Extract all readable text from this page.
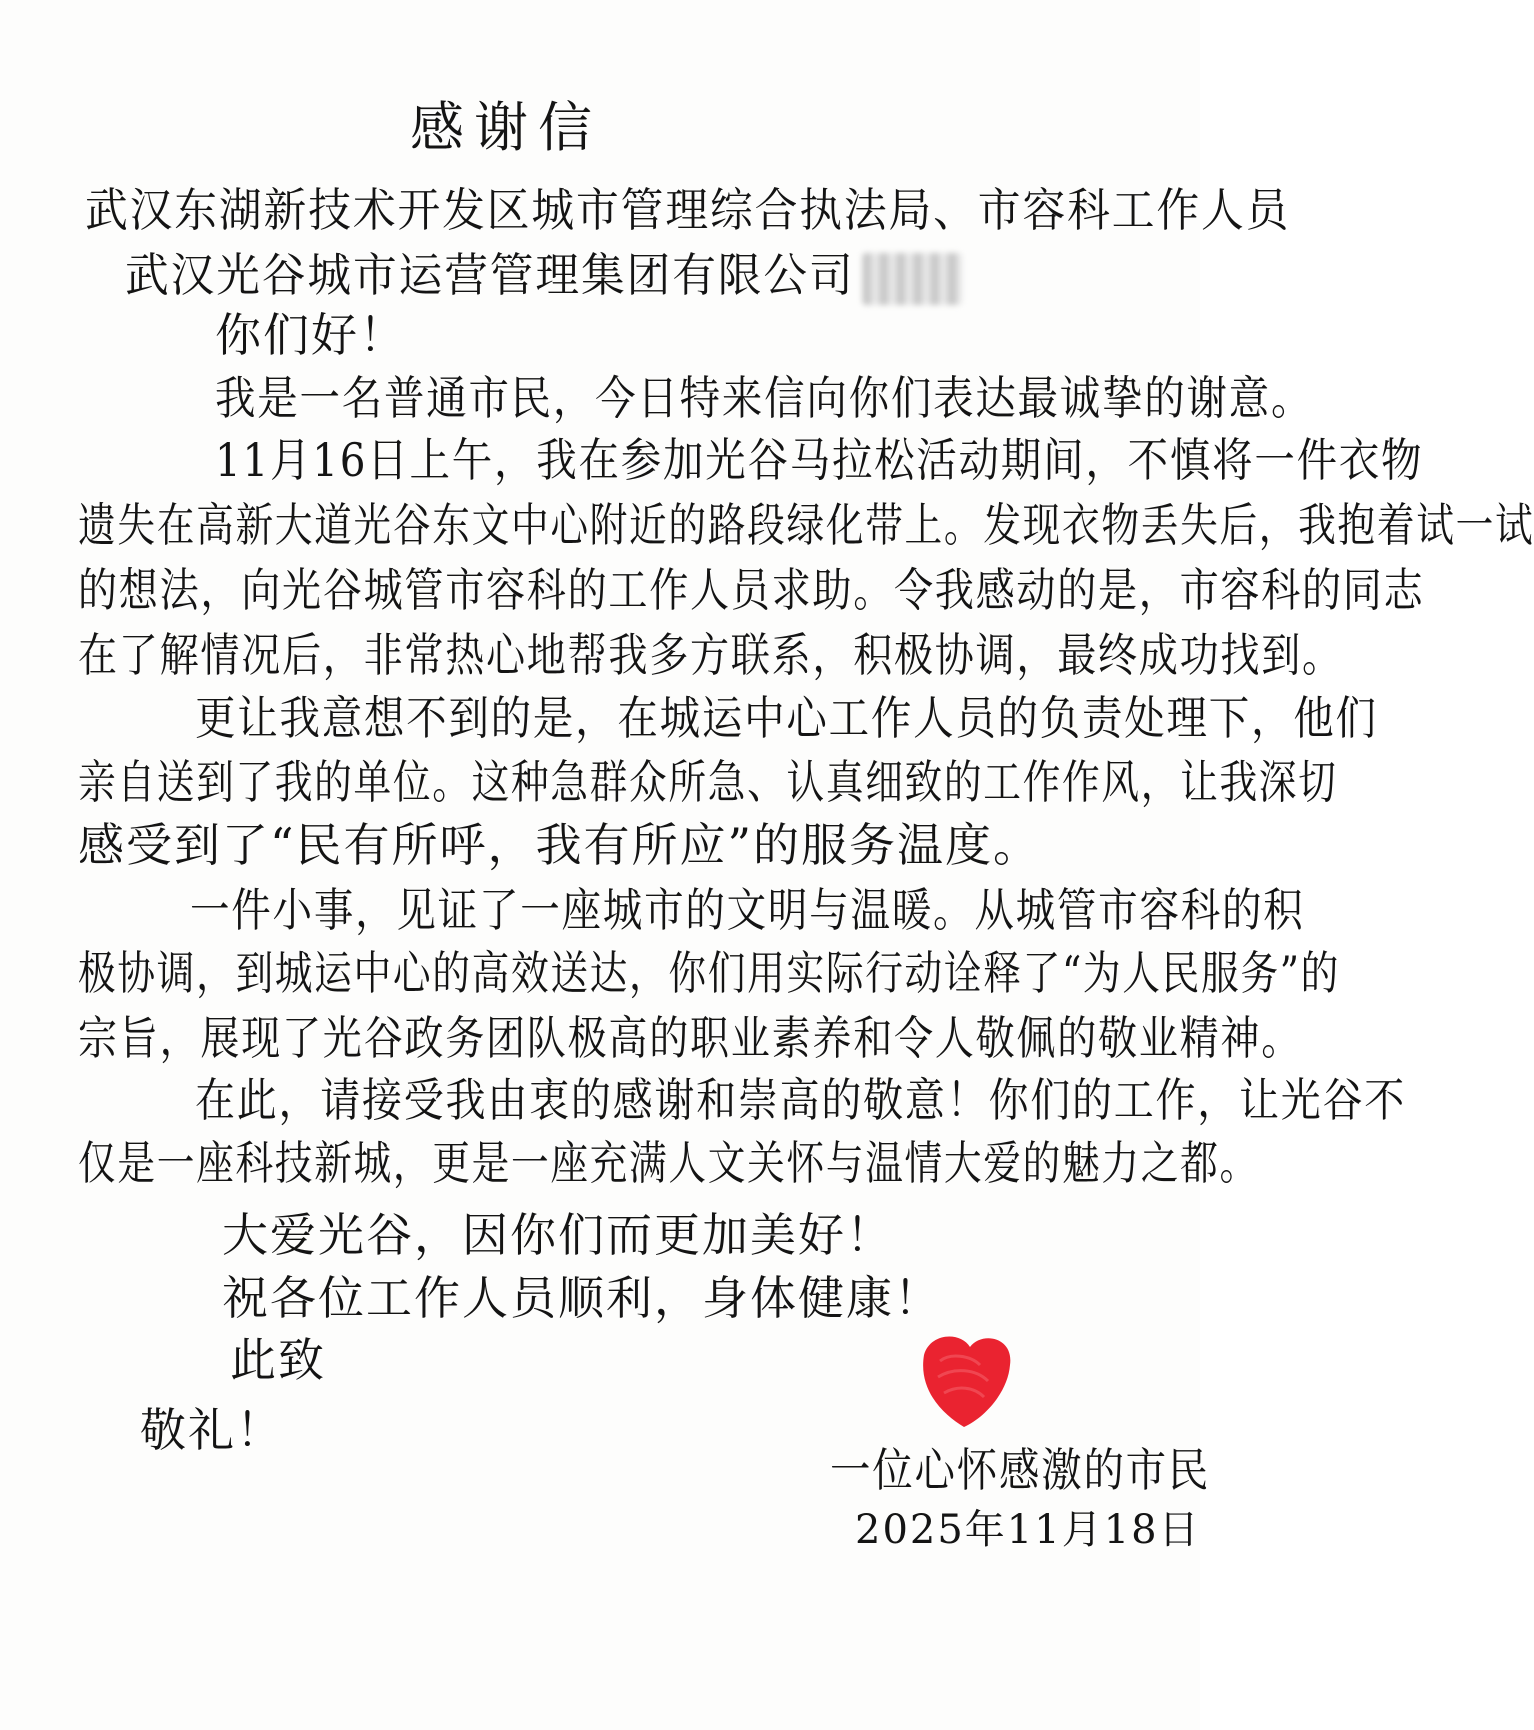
感谢信
武汉东湖新技术开发区城市管理综合执法局、市容科工作人员
武汉光谷城市运营管理集团有限公司
你们好！
我是一名普通市民，今日特来信向你们表达最诚挚的谢意。
11月16日上午，我在参加光谷马拉松活动期间，不慎将一件衣物
遗失在高新大道光谷东文中心附近的路段绿化带上。发现衣物丢失后，我抱着试一试
的想法，向光谷城管市容科的工作人员求助。令我感动的是，市容科的同志
在了解情况后，非常热心地帮我多方联系，积极协调，最终成功找到。
更让我意想不到的是，在城运中心工作人员的负责处理下，他们
亲自送到了我的单位。这种急群众所急、认真细致的工作作风，让我深切
感受到了“民有所呼，我有所应”的服务温度。
一件小事，见证了一座城市的文明与温暖。从城管市容科的积
极协调，到城运中心的高效送达，你们用实际行动诠释了“为人民服务”的
宗旨，展现了光谷政务团队极高的职业素养和令人敬佩的敬业精神。
在此，请接受我由衷的感谢和崇高的敬意！你们的工作，让光谷不
仅是一座科技新城，更是一座充满人文关怀与温情大爱的魅力之都。
大爱光谷，因你们而更加美好！
祝各位工作人员顺利，身体健康！
此致
敬礼！
一位心怀感激的市民
2025年11月18日
